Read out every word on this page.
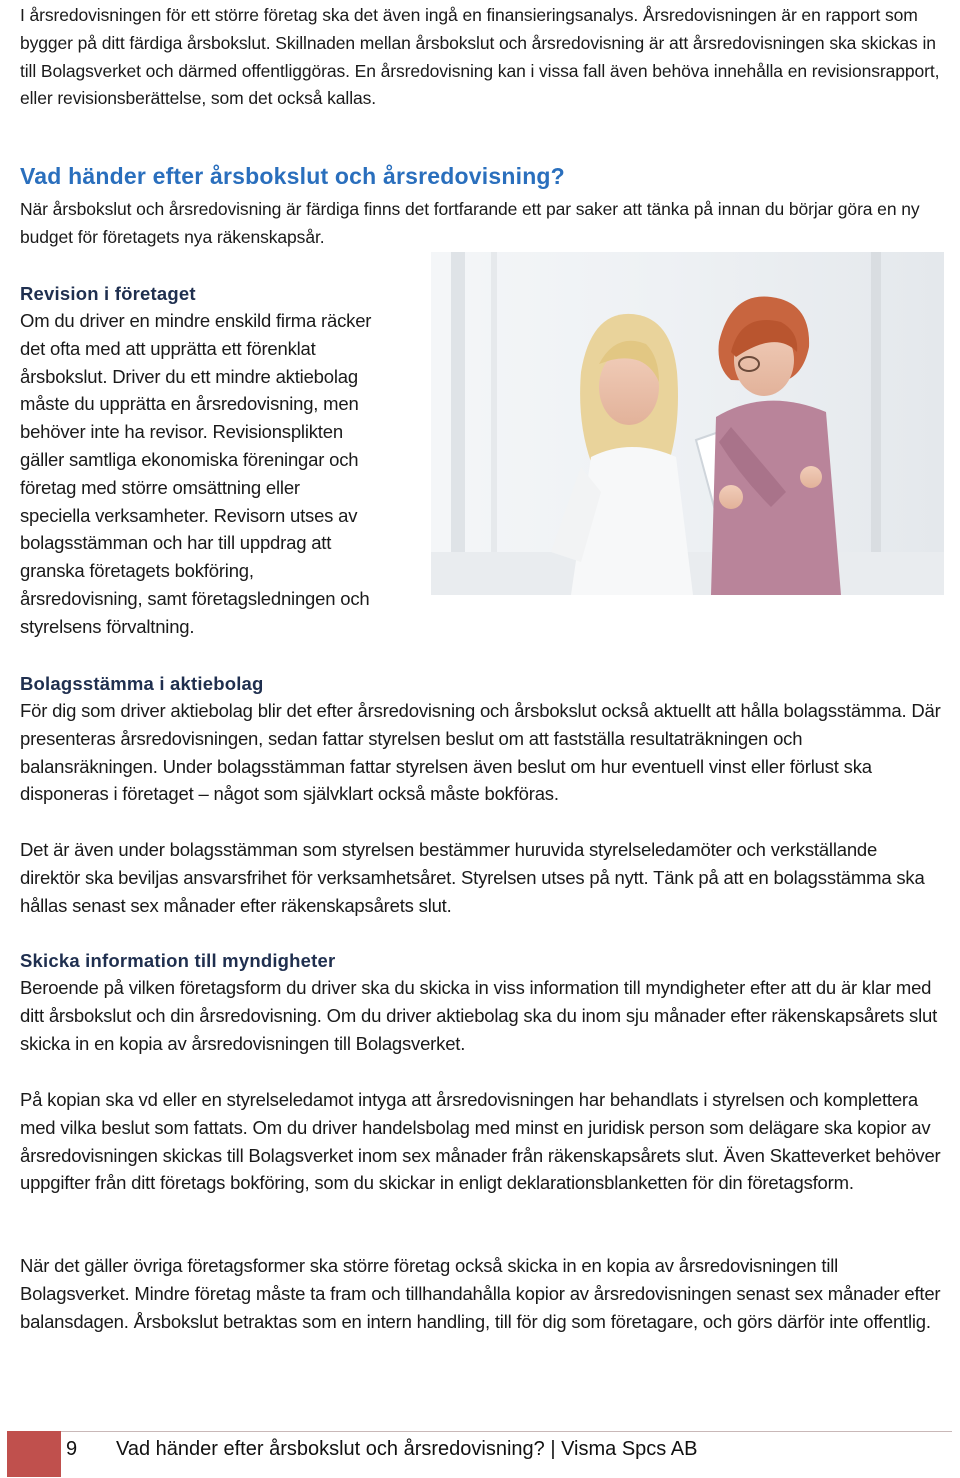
I årsredovisningen för ett större företag ska det även ingå en finansieringsanalys. Årsredovisningen är en rapport som bygger på ditt färdiga årsbokslut. Skillnaden mellan årsbokslut och årsredovisning är att årsredovisningen ska skickas in till Bolagsverket och därmed offentliggöras. En årsredovisning kan i vissa fall även behöva innehålla en revisionsrapport, eller revisionsberättelse, som det också kallas.

Vad händer efter årsbokslut och årsredovisning?

När årsbokslut och årsredovisning är färdiga finns det fortfarande ett par saker att tänka på innan du börjar göra en ny budget för företagets nya räkenskapsår.

Revision i företaget
Om du driver en mindre enskild firma räcker
det ofta med att upprätta ett förenklat
årsbokslut. Driver du ett mindre aktiebolag
måste du upprätta en årsredovisning, men
behöver inte ha revisor. Revisionsplikten
gäller samtliga ekonomiska föreningar och
företag med större omsättning eller
speciella verksamheter. Revisorn utses av
bolagsstämman och har till uppdrag att
granska företagets bokföring,
årsredovisning, samt företagsledningen och
styrelsens förvaltning.
Bolagsstämma i aktiebolag

För dig som driver aktiebolag blir det efter årsredovisning och årsbokslut också aktuellt att hålla bolagsstämma. Där presenteras årsredovisningen, sedan fattar styrelsen beslut om att fastställa resultaträkningen och balansräkningen. Under bolagsstämman fattar styrelsen även beslut om hur eventuell vinst eller förlust ska disponeras i företaget – något som självklart också måste bokföras.

Det är även under bolagsstämman som styrelsen bestämmer huruvida styrelseledamöter och verkställande direktör ska beviljas ansvarsfrihet för verksamhetsåret. Styrelsen utses på nytt. Tänk på att en bolagsstämma ska hållas senast sex månader efter räkenskapsårets slut.

Skicka information till myndigheter

Beroende på vilken företagsform du driver ska du skicka in viss information till myndigheter efter att du är klar med ditt årsbokslut och din årsredovisning. Om du driver aktiebolag ska du inom sju månader efter räkenskapsårets slut skicka in en kopia av årsredovisningen till Bolagsverket.

På kopian ska vd eller en styrelseledamot intyga att årsredovisningen har behandlats i styrelsen och komplettera med vilka beslut som fattats. Om du driver handelsbolag med minst en juridisk person som delägare ska kopior av årsredovisningen skickas till Bolagsverket inom sex månader från räkenskapsårets slut. Även Skatteverket behöver uppgifter från ditt företags bokföring, som du skickar in enligt deklarationsblanketten för din företagsform.

När det gäller övriga företagsformer ska större företag också skicka in en kopia av årsredovisningen till Bolagsverket. Mindre företag måste ta fram och tillhandahålla kopior av årsredovisningen senast sex månader efter balansdagen. Årsbokslut betraktas som en intern handling, till för dig som företagare, och görs därför inte offentlig.

9 Vad händer efter årsbokslut och årsredovisning? | Visma Spcs AB
